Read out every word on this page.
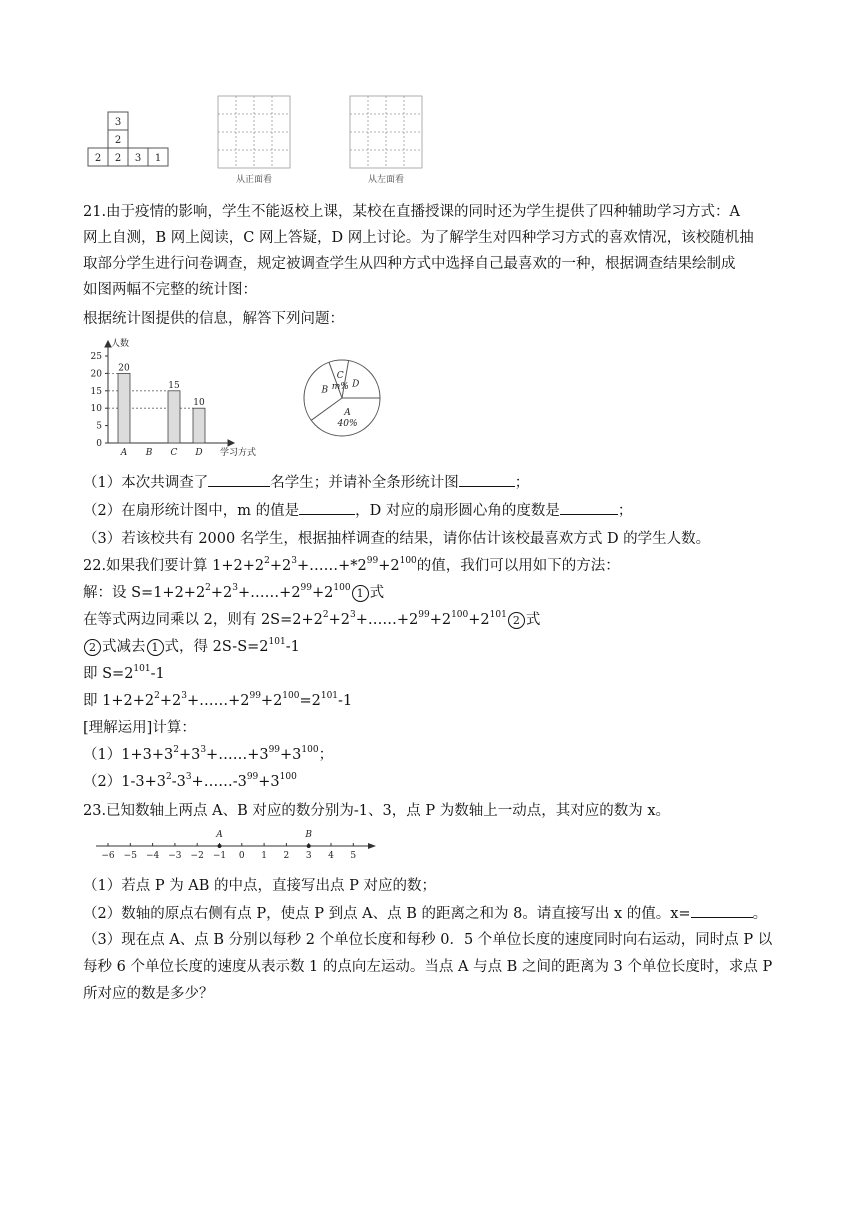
3
2
2 2 3 1
从正面看	从左面看
21.由于疫情的影响，学生不能返校上课，某校在直播授课的同时还为学生提供了四种辅助学习方式：A
网上自测，B 网上阅读，C 网上答疑，D 网上讨论。为了解学生对四种学习方式的喜欢情况，该校随机抽
取部分学生进行问卷调查，规定被调查学生从四种方式中选择自己最喜欢的一种，根据调查结果绘制成
如图两幅不完整的统计图：
根据统计图提供的信息，解答下列问题：
0
5
10
15
20
25
人数
学习方式
A
20
B C
15
D
10
A
40%
B
C
m% D
（1）本次共调查了	名学生；并请补全条形统计图	；
（2）在扇形统计图中，m 的值是	，D 对应的扇形圆心角的度数是	；
（3）若该校共有 2000 名学生，根据抽样调查的结果，请你估计该校最喜欢方式 D 的学生人数。
22.如果我们要计算 $1+2+2^2+2^3+\dots\dots+*2^{99}+2^{100}$的值，我们可以用如下的方法：
解：设 $S=1+2+2^2+2^3+\dots\dots+2^{99}+2^{100}$ 1 式
在等式两边同乘以 2，则有 $2S=2+2^2+2^3+\dots\dots+2^{99}+2^{100}+2^{101}$ 2 式
2 式减去 1 式，得 $2S-S=2^{101}-1$
即 $S=2^{101}-1$
即 $1+2+2^2+2^3+\dots\dots+2^{99}+2^{100}=2^{101}-1$
[理解运用]计算：
$(1)1+3+3^2+3^3+\dots\dots+3^{99}+3^{100}$；
$(2)1-3+3^2-3^3+\dots\dots-3^{99}+3^{100}$
23.已知数轴上两点 A、B 对应的数分别为-1、3，点 P 为数轴上一动点，其对应的数为 x。
−6 −5 −4 −3 −2 −1 0 1 2 3 4 5
A	B
（1）若点 P 为 AB 的中点，直接写出点 P 对应的数；
（2）数轴的原点右侧有点 P，使点 P 到点 A、点 B 的距离之和为 8。请直接写出 x 的值。x=	。
（3）现在点 A、点 B 分别以每秒 2 个单位长度和每秒 0．5 个单位长度的速度同时向右运动，同时点 P 以
每秒 6 个单位长度的速度从表示数 1 的点向左运动。当点 A 与点 B 之间的距离为 3 个单位长度时，求点 P
所对应的数是多少？
